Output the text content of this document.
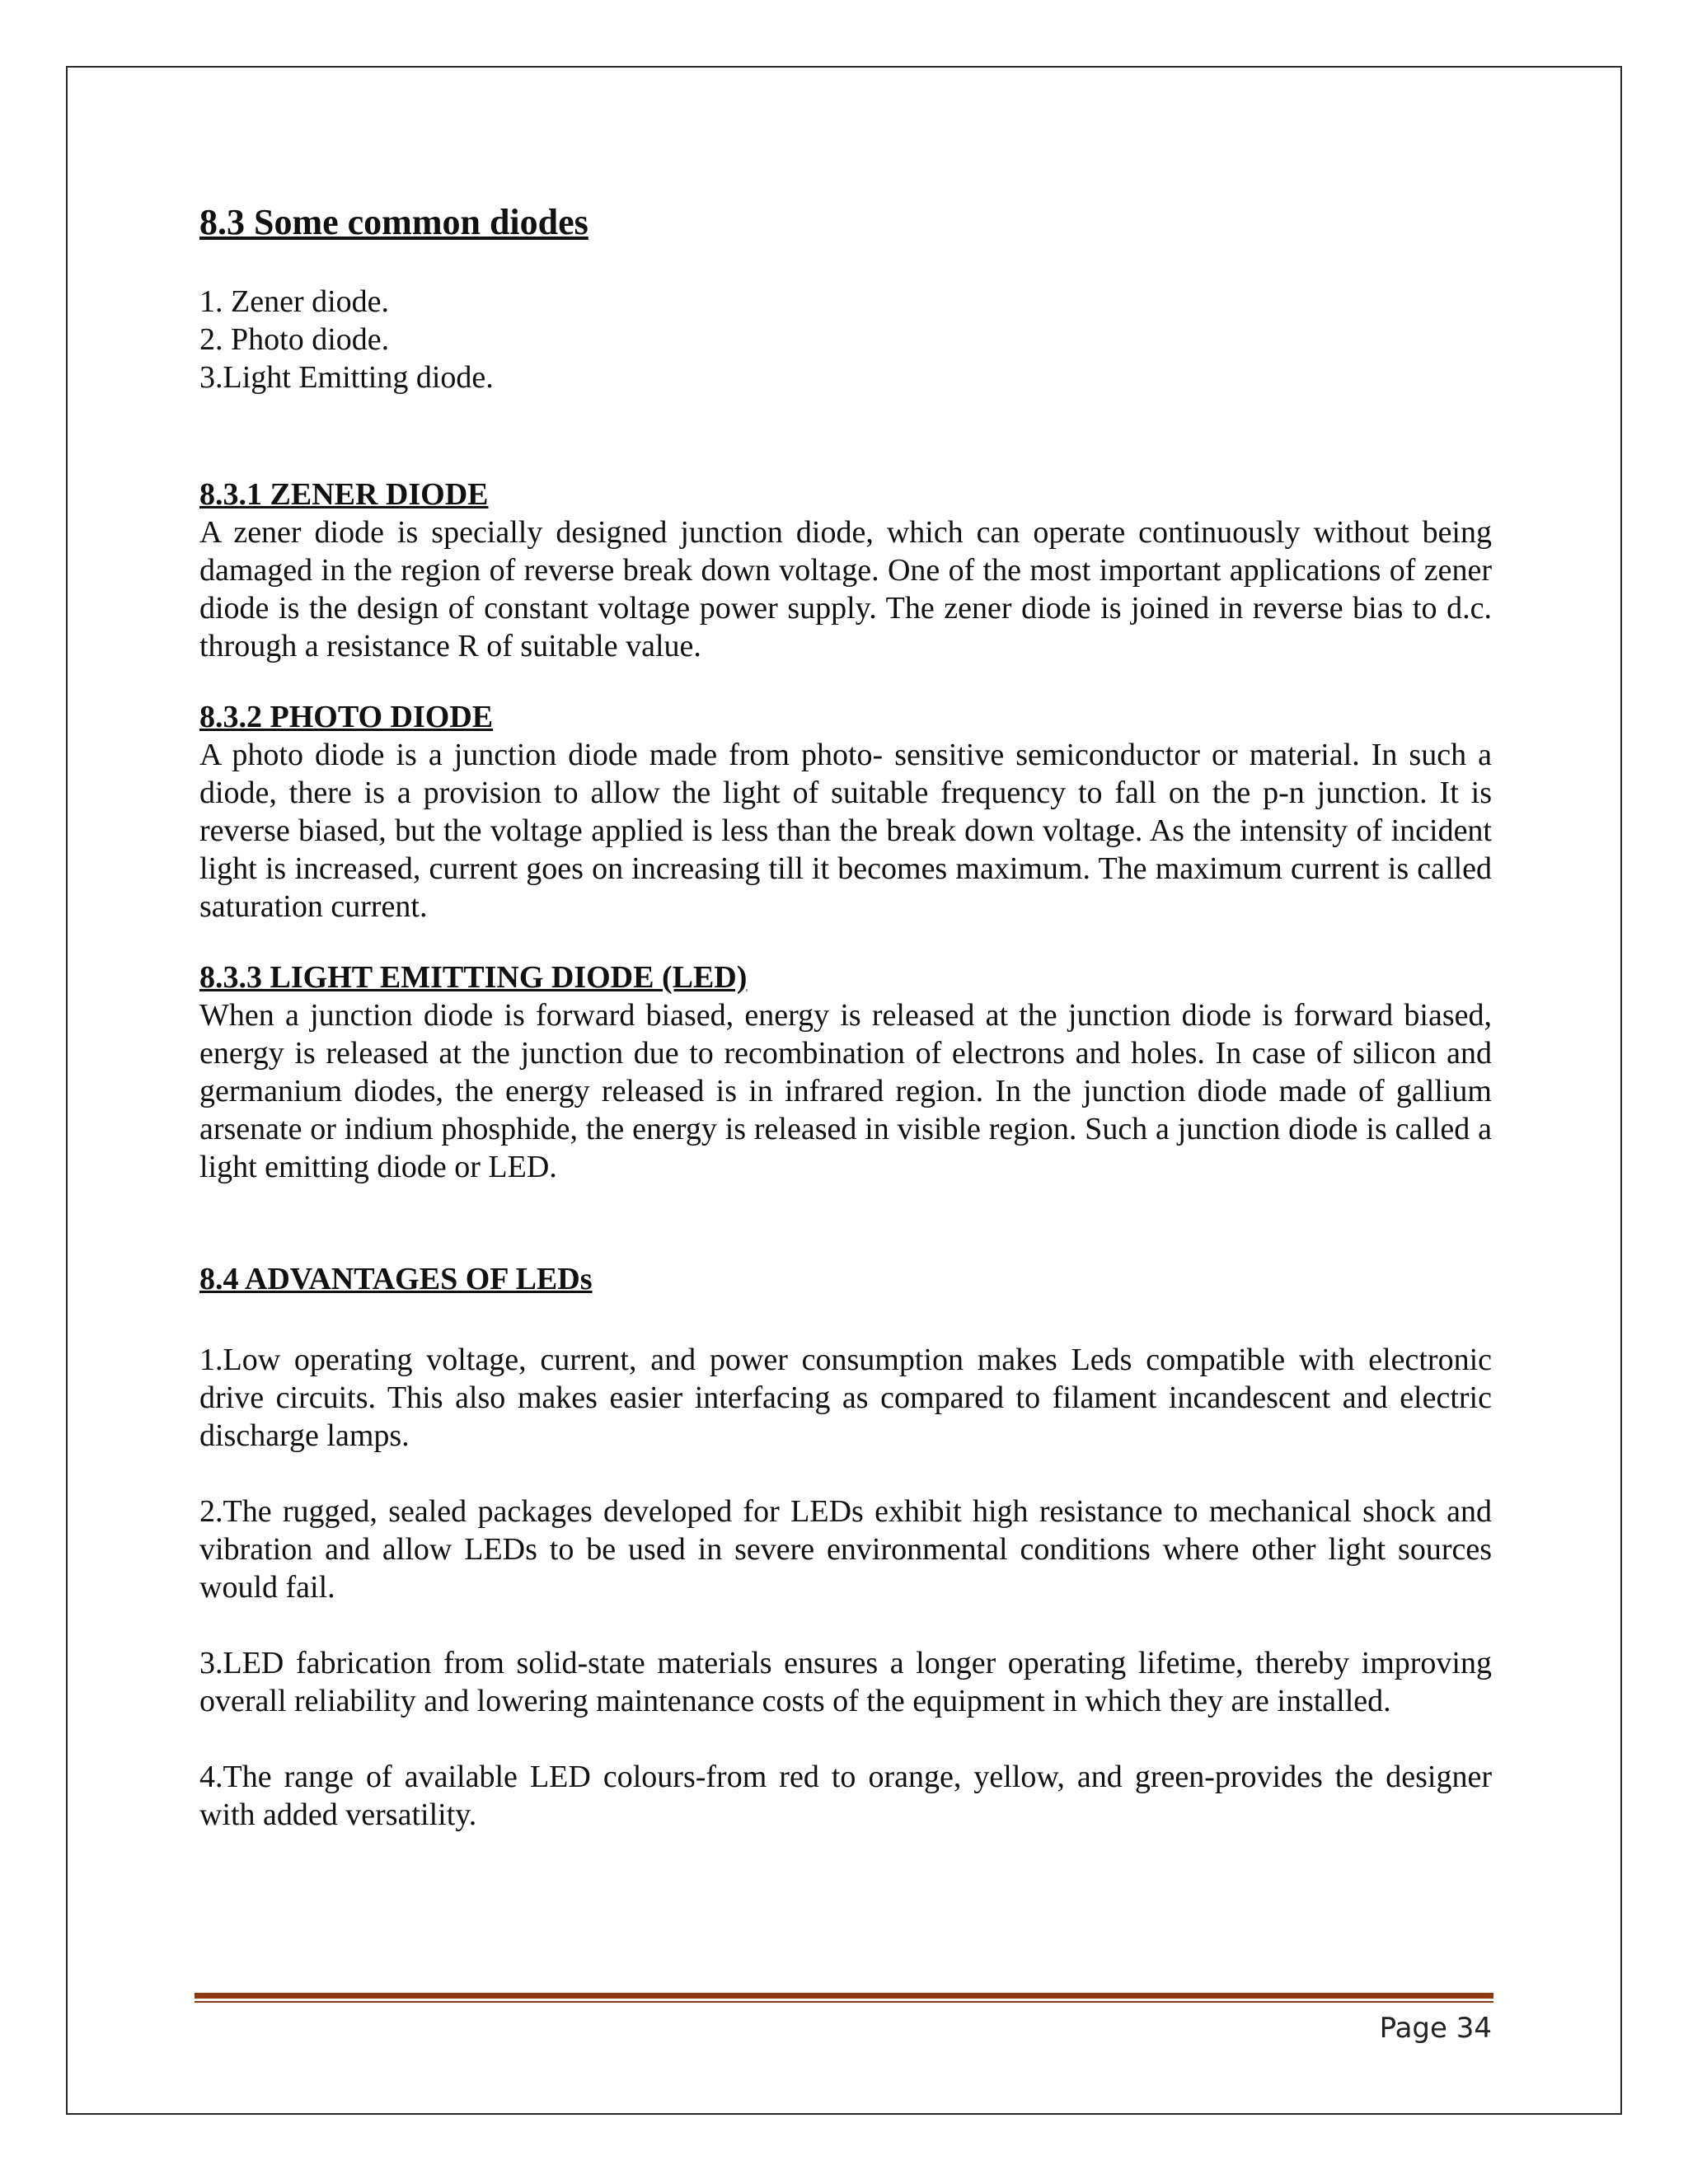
8.3 Some common diodes
1. Zener diode.
2. Photo diode.
3.Light Emitting diode.
8.3.1 ZENER DIODE

A zener diode is specially designed junction diode, which can operate continuously without being damaged in the region of reverse break down voltage. One of the most important applications of zener diode is the design of constant voltage power supply. The zener diode is joined in reverse bias to d.c. through a resistance R of suitable value.

8.3.2 PHOTO DIODE

A photo diode is a junction diode made from photo- sensitive semiconductor or material. In such a diode, there is a provision to allow the light of suitable frequency to fall on the p-n junction. It is reverse biased, but the voltage applied is less than the break down voltage. As the intensity of incident light is increased, current goes on increasing till it becomes maximum. The maximum current is called saturation current.

8.3.3 LIGHT EMITTING DIODE (LED)

When a junction diode is forward biased, energy is released at the junction diode is forward biased, energy is released at the junction due to recombination of electrons and holes. In case of silicon and germanium diodes, the energy released is in infrared region. In the junction diode made of gallium arsenate or indium phosphide, the energy is released in visible region. Such a junction diode is called a light emitting diode or LED.

8.4 ADVANTAGES OF LEDs

1.Low operating voltage, current, and power consumption makes Leds compatible with electronic drive circuits. This also makes easier interfacing as compared to filament incandescent and electric discharge lamps.

2.The rugged, sealed packages developed for LEDs exhibit high resistance to mechanical shock and vibration and allow LEDs to be used in severe environmental conditions where other light sources would fail.

3.LED fabrication from solid-state materials ensures a longer operating lifetime, thereby improving overall reliability and lowering maintenance costs of the equipment in which they are installed.

4.The range of available LED colours-from red to orange, yellow, and green-provides the designer with added versatility.

Page 34
